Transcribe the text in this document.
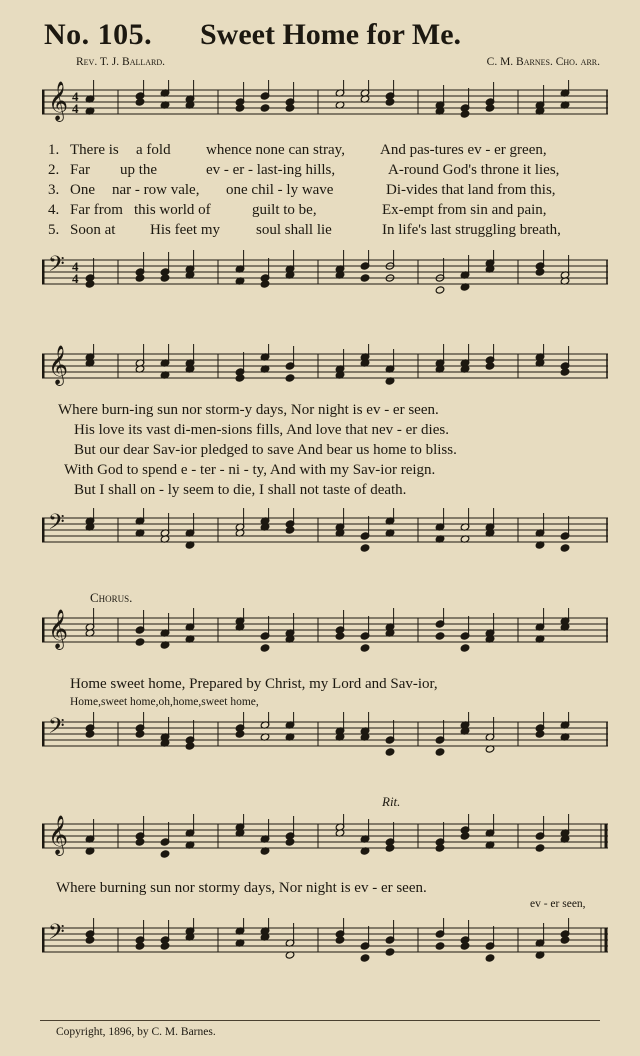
No. 105. Sweet Home for Me.
Rev. T. J. Ballard.	C. M. Barnes. Cho. arr.
𝄞 4
4
1. There is a fold whence none can stray, And pas-tures ev - er green,
2. Far up the	ev - er - last-ing hills,	A-round God's throne it lies,
3. One nar - row vale, one chil - ly wave	Di-vides that land from this,
4. Far from this world of	guilt to be,	Ex-empt from sin and pain,
5. Soon at His feet my soul shall lie	In life's last struggling breath,
𝄢 4
4
𝄞
Where burn-ing sun nor storm-y days, Nor night is ev - er seen.
His love its vast di-men-sions fills, And love that nev - er dies.
But our dear Sav-ior pledged to save And bear us home to bliss.
With God to spend e - ter - ni - ty, And with my Sav-ior reign.
But I shall on - ly seem to die, I shall not taste of death.
𝄢
Chorus.
𝄞
Home sweet home, Prepared by Christ, my Lord and Sav-ior,
Home,sweet home,oh,home,sweet home,
𝄢
Rit.
𝄞
Where burning sun nor stormy days, Nor night is ev - er seen.
ev - er seen,
𝄢
Copyright, 1896, by C. M. Barnes.
